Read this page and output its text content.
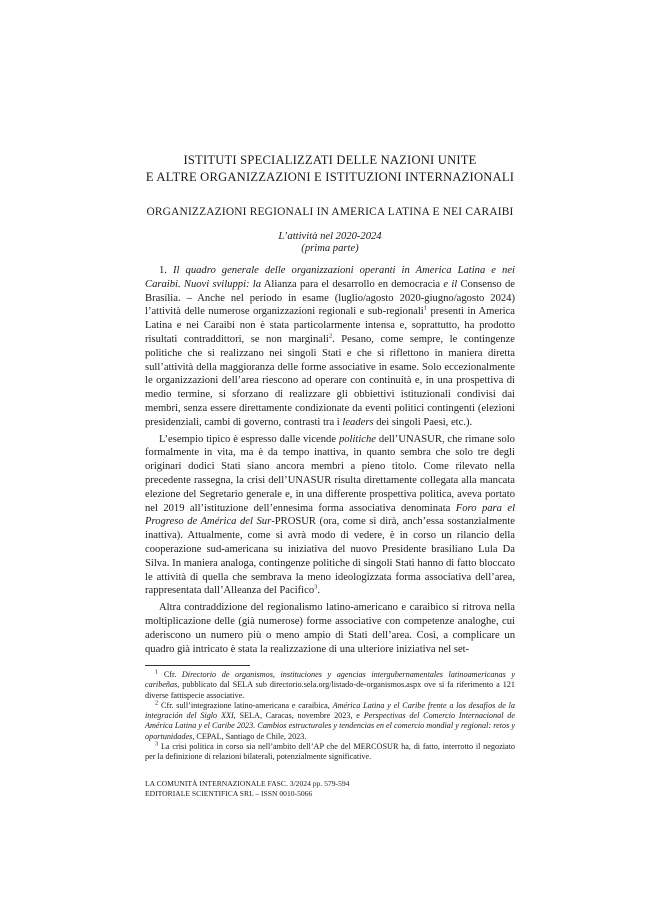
ISTITUTI SPECIALIZZATI DELLE NAZIONI UNITE
E ALTRE ORGANIZZAZIONI E ISTITUZIONI INTERNAZIONALI
ORGANIZZAZIONI REGIONALI IN AMERICA LATINA E NEI CARAIBI
L’attività nel 2020-2024
(prima parte)

1. Il quadro generale delle organizzazioni operanti in America Latina e nei Caraibi. Nuovi sviluppi: la Alianza para el desarrollo en democracia e il Consenso de Brasília. – Anche nel periodo in esame (luglio/agosto 2020-giugno/agosto 2024) l’attività delle numerose organizzazioni regionali e sub-regionali$^1$ presenti in America Latina e nei Caraibi non è stata particolarmente intensa e, soprattutto, ha prodotto risultati contraddittori, se non marginali$^2$. Pesano, come sempre, le contingenze politiche che si realizzano nei singoli Stati e che si riflettono in maniera diretta sull’attività della maggioranza delle forme associative in esame. Solo eccezionalmente le organizzazioni dell’area riescono ad operare con continuità e, in una prospettiva di medio termine, si sforzano di realizzare gli obbiettivi istituzionali condivisi dai membri, senza essere direttamente condizionate da eventi politici contingenti (elezioni presidenziali, cambi di governo, contrasti tra i leaders dei singoli Paesi, etc.).

L’esempio tipico è espresso dalle vicende politiche dell’UNASUR, che rimane solo formalmente in vita, ma è da tempo inattiva, in quanto sembra che solo tre degli originari dodici Stati siano ancora membri a pieno titolo. Come rilevato nella precedente rassegna, la crisi dell’UNASUR risulta direttamente collegata alla mancata elezione del Segretario generale e, in una differente prospettiva politica, aveva portato nel 2019 all’istituzione dell’ennesima forma associativa denominata Foro para el Progreso de América del Sur-PROSUR (ora, come si dirà, anch’essa sostanzialmente inattiva). Attualmente, come si avrà modo di vedere, è in corso un rilancio della cooperazione sud-americana su iniziativa del nuovo Presidente brasiliano Lula Da Silva. In maniera analoga, contingenze politiche di singoli Stati hanno di fatto bloccato le attività di quella che sembrava la meno ideologizzata forma associativa dell’area, rappresentata dall’Alleanza del Pacifico$^3$.

Altra contraddizione del regionalismo latino-americano e caraibico si ritrova nella moltiplicazione delle (già numerose) forme associative con competenze analoghe, cui aderiscono un numero più o meno ampio di Stati dell’area. Così, a complicare un quadro già intricato è stata la realizzazione di una ulteriore iniziativa nel set-

$^1$ Cfr. Directorio de organismos, instituciones y agencias intergubernamentales latinoamericanas y caribeñas, pubblicato dal SELA sub directorio.sela.org/listado-de-organismos.aspx ove si fa riferimento a 121 diverse fattispecie associative.

$^2$ Cfr. sull’integrazione latino-americana e caraibica, América Latina y el Caribe frente a los desafíos de la integración del Siglo XXI, SELA, Caracas, novembre 2023, e Perspectivas del Comercio Internacional de América Latina y el Caribe 2023. Cambios estructurales y tendencias en el comercio mondial y regional: retos y oportunidades, CEPAL, Santiago de Chile, 2023.

$^3$ La crisi politica in corso sia nell’ambito dell’AP che del MERCOSUR ha, di fatto, interrotto il negoziato per la definizione di relazioni bilaterali, potenzialmente significative.

LA COMUNITÀ INTERNAZIONALE FASC. 3/2024 pp. 579-594
EDITORIALE SCIENTIFICA SRL – ISSN 0010-5066
